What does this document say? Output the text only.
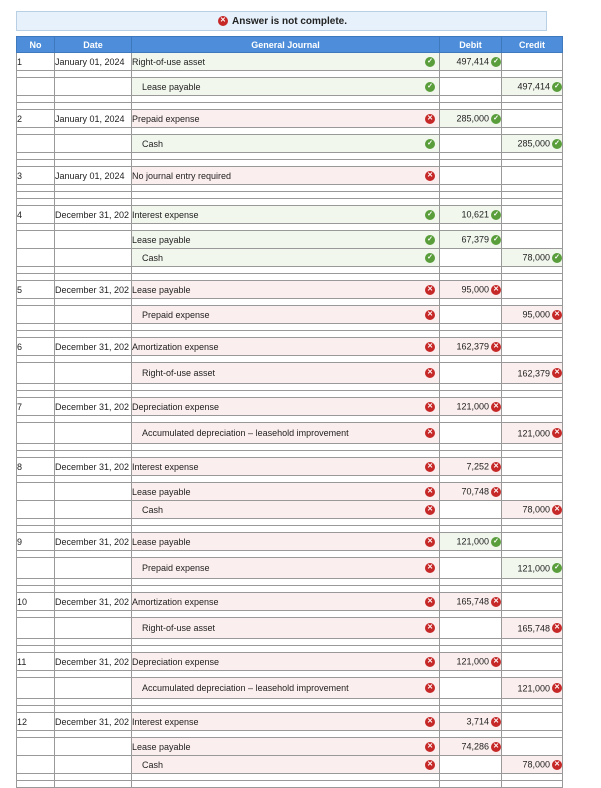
✕ Answer is not complete.
No	Date	General Journal	Debit	Credit
1	January 01, 2024	Right-of-use asset ✓	497,414 ✓	

		Lease payable ✓		497,414 ✓

2	January 01, 2024	Prepaid expense ✕	285,000 ✓	

		Cash ✓		285,000 ✓

3	January 01, 2024	No journal entry required ✕		

4	December 31, 202	Interest expense ✓	10,621 ✓	

		Lease payable ✓	67,379 ✓	
		Cash ✓		78,000 ✓

5	December 31, 202	Lease payable ✕	95,000 ✕	

		Prepaid expense ✕		95,000 ✕

6	December 31, 202	Amortization expense ✕	162,379 ✕	

		Right-of-use asset ✕		162,379 ✕

7	December 31, 202	Depreciation expense ✕	121,000 ✕	

		Accumulated depreciation – leasehold improvement ✕		121,000 ✕

8	December 31, 202	Interest expense ✕	7,252 ✕	

		Lease payable ✕	70,748 ✕	
		Cash ✕		78,000 ✕

9	December 31, 202	Lease payable ✕	121,000 ✓	

		Prepaid expense ✕		121,000 ✓

10	December 31, 202	Amortization expense ✕	165,748 ✕	

		Right-of-use asset ✕		165,748 ✕

11	December 31, 202	Depreciation expense ✕	121,000 ✕	

		Accumulated depreciation – leasehold improvement ✕		121,000 ✕

12	December 31, 202	Interest expense ✕	3,714 ✕	

		Lease payable ✕	74,286 ✕	
		Cash ✕		78,000 ✕
